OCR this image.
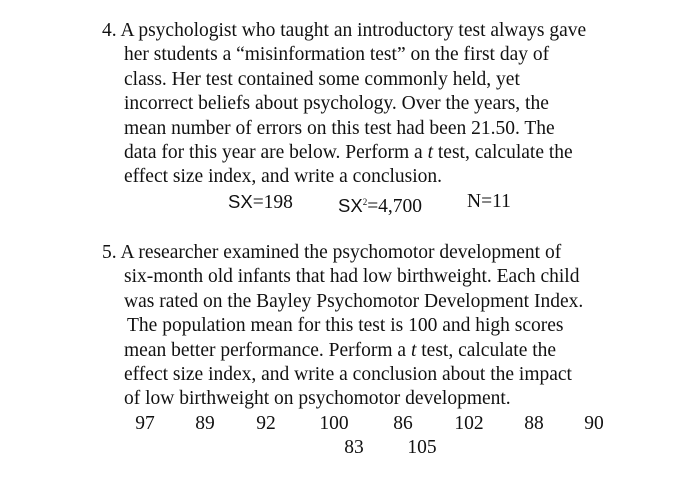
4. A psychologist who taught an introductory test always gave
her students a “misinformation test” on the first day of
class. Her test contained some commonly held, yet
incorrect beliefs about psychology. Over the years, the
mean number of errors on this test had been 21.50. The
data for this year are below. Perform a t test, calculate the
effect size index, and write a conclusion.
SX=198 $SX^2=4,700$ N=11
5. A researcher examined the psychomotor development of
six-month old infants that had low birthweight. Each child
was rated on the Bayley Psychomotor Development Index.
The population mean for this test is 100 and high scores
mean better performance. Perform a t test, calculate the
effect size index, and write a conclusion about the impact
of low birthweight on psychomotor development.
97	89	92	100	86	102	88	90
83	105
